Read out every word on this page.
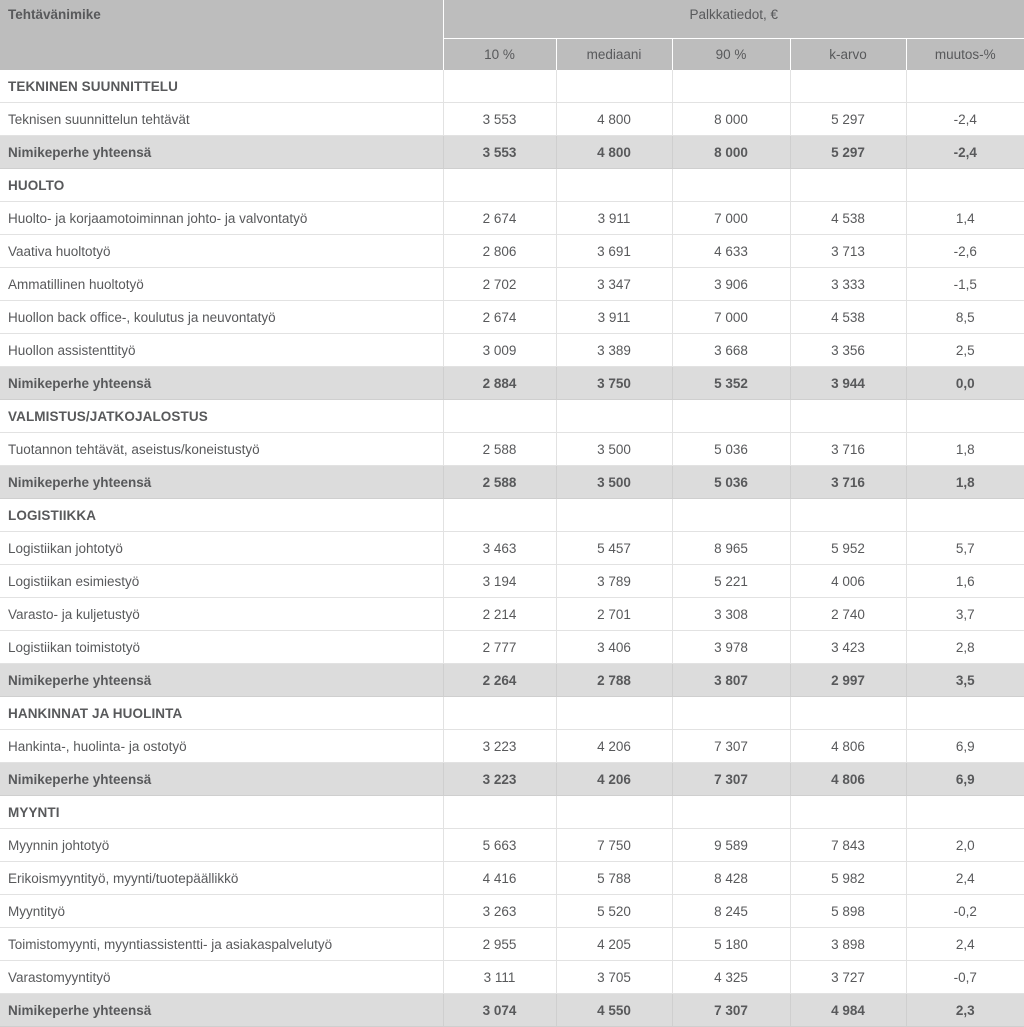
Tehtävänimike	Palkkatiedot, €				
	10 %	mediaani	90 %	k-arvo	muutos-%
TEKNINEN SUUNNITTELU					
Teknisen suunnittelun tehtävät	3 553	4 800	8 000	5 297	-2,4
Nimikeperhe yhteensä	3 553	4 800	8 000	5 297	-2,4
HUOLTO					
Huolto- ja korjaamotoiminnan johto- ja valvontatyö	2 674	3 911	7 000	4 538	1,4
Vaativa huoltotyö	2 806	3 691	4 633	3 713	-2,6
Ammatillinen huoltotyö	2 702	3 347	3 906	3 333	-1,5
Huollon back office-, koulutus ja neuvontatyö	2 674	3 911	7 000	4 538	8,5
Huollon assistenttityö	3 009	3 389	3 668	3 356	2,5
Nimikeperhe yhteensä	2 884	3 750	5 352	3 944	0,0
VALMISTUS/JATKOJALOSTUS					
Tuotannon tehtävät, aseistus/koneistustyö	2 588	3 500	5 036	3 716	1,8
Nimikeperhe yhteensä	2 588	3 500	5 036	3 716	1,8
LOGISTIIKKA					
Logistiikan johtotyö	3 463	5 457	8 965	5 952	5,7
Logistiikan esimiestyö	3 194	3 789	5 221	4 006	1,6
Varasto- ja kuljetustyö	2 214	2 701	3 308	2 740	3,7
Logistiikan toimistotyö	2 777	3 406	3 978	3 423	2,8
Nimikeperhe yhteensä	2 264	2 788	3 807	2 997	3,5
HANKINNAT JA HUOLINTA					
Hankinta-, huolinta- ja ostotyö	3 223	4 206	7 307	4 806	6,9
Nimikeperhe yhteensä	3 223	4 206	7 307	4 806	6,9
MYYNTI					
Myynnin johtotyö	5 663	7 750	9 589	7 843	2,0
Erikoismyyntityö, myynti/tuotepäällikkö	4 416	5 788	8 428	5 982	2,4
Myyntityö	3 263	5 520	8 245	5 898	-0,2
Toimistomyynti, myyntiassistentti- ja asiakaspalvelutyö	2 955	4 205	5 180	3 898	2,4
Varastomyyntityö	3 111	3 705	4 325	3 727	-0,7
Nimikeperhe yhteensä	3 074	4 550	7 307	4 984	2,3
